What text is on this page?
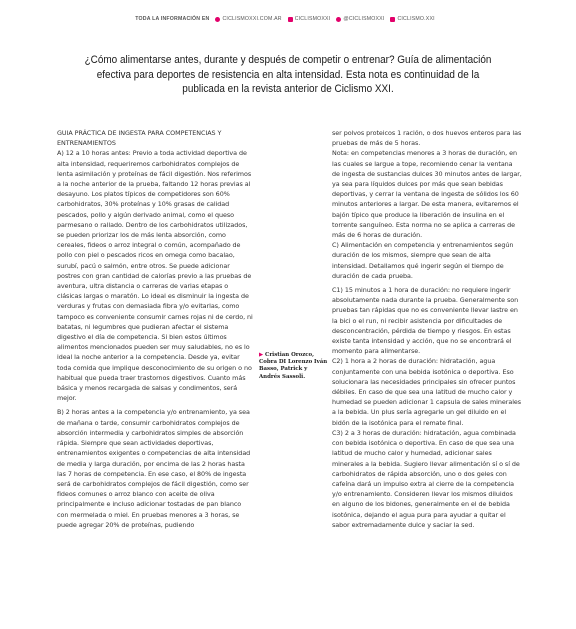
TODA LA INFORMACIÓN EN	CICLISMOXXI.COM.AR	CICLISMOXXI	@CICLISMOXXI	CICLISMO.XXI
¿Cómo alimentarse antes, durante y después de competir o entrenar? Guía de alimentación efectiva para deportes de resistencia en alta intensidad. Esta nota es continuidad de la publicada en la revista anterior de Ciclismo XXI.

GUIA PRÁCTICA DE INGESTA PARA COMPETENCIAS Y ENTRENAMIENTOS

A) 12 a 10 horas antes: Previo a toda actividad deportiva de alta intensidad, requeriremos carbohidratos complejos de lenta asimilación y proteínas de fácil digestión. Nos referimos a la noche anterior de la prueba, faltando 12 horas previas al desayuno. Los platos típicos de competidores son 60% carbohidratos, 30% proteínas y 10% grasas de calidad pescados, pollo y algún derivado animal, como el queso parmesano o rallado. Dentro de los carbohidratos utilizados, se pueden priorizar los de más lenta absorción, como cereales, fideos o arroz integral o común, acompañado de pollo con piel o pescados ricos en omega como bacalao, surubí, pacú o salmón, entre otros. Se puede adicionar postres con gran cantidad de calorías previo a las pruebas de aventura, ultra distancia o carreras de varias etapas o clásicas largas o maratón. Lo ideal es disminuir la ingesta de verduras y frutas con demasiada fibra y/o evitarlas, como tampoco es conveniente consumir carnes rojas ni de cerdo, ni batatas, ni legumbres que pudieran afectar el sistema digestivo el día de competencia. Si bien estos últimos alimentos mencionados pueden ser muy saludables, no es lo ideal la noche anterior a la competencia. Desde ya, evitar toda comida que implique desconocimiento de su origen o no habitual que pueda traer trastornos digestivos. Cuanto más básica y menos recargada de salsas y condimentos, será mejor.

B) 2 horas antes a la competencia y/o entrenamiento, ya sea de mañana o tarde, consumir carbohidratos complejos de absorción intermedia y carbohidratos simples de absorción rápida. Siempre que sean actividades deportivas, entrenamientos exigentes o competencias de alta intensidad de media y larga duración, por encima de las 2 horas hasta las 7 horas de competencia. En ese caso, el 80% de ingesta será de carbohidratos complejos de fácil digestión, como ser fideos comunes o arroz blanco con aceite de oliva principalmente e incluso adicionar tostadas de pan blanco con mermelada o miel. En pruebas menores a 3 horas, se puede agregar 20% de proteínas, pudiendo

▶ Cristian Orozco, Cobra DI Lorenzo Iván Basso, Patrick y Andrés Sassoli.

ser polvos proteicos 1 ración, o dos huevos enteros para las pruebas de más de 5 horas.

Nota: en competencias menores a 3 horas de duración, en las cuales se largue a tope, recomiendo cenar la ventana de ingesta de sustancias dulces 30 minutos antes de largar, ya sea para líquidos dulces por más que sean bebidas deportivas, y cerrar la ventana de ingesta de sólidos los 60 minutos anteriores a largar. De esta manera, evitaremos el bajón típico que produce la liberación de insulina en el torrente sanguíneo. Esta norma no se aplica a carreras de más de 6 horas de duración.

C) Alimentación en competencia y entrenamientos según duración de los mismos, siempre que sean de alta intensidad. Detallamos qué ingerir según el tiempo de duración de cada prueba.

C1) 15 minutos a 1 hora de duración: no requiere ingerir absolutamente nada durante la prueba. Generalmente son pruebas tan rápidas que no es conveniente llevar lastre en la bici o el run, ni recibir asistencia por dificultades de desconcentración, pérdida de tiempo y riesgos. En estas existe tanta intensidad y acción, que no se encontrará el momento para alimentarse.

C2) 1 hora a 2 horas de duración: hidratación, agua conjuntamente con una bebida isotónica o deportiva. Eso solucionara las necesidades principales sin ofrecer puntos débiles. En caso de que sea una latitud de mucho calor y humedad se pueden adicionar 1 capsula de sales minerales a la bebida. Un plus sería agregarle un gel diluido en el bidón de la isotónica para el remate final.

C3) 2 a 3 horas de duración: hidratación, agua combinada con bebida isotónica o deportiva. En caso de que sea una latitud de mucho calor y humedad, adicionar sales minerales a la bebida. Sugiero llevar alimentación sí o sí de carbohidratos de rápida absorción, uno o dos geles con cafeína dará un impulso extra al cierre de la competencia y/o entrenamiento. Consideren llevar los mismos diluidos en alguno de los bidones, generalmente en el de bebida isotónica, dejando el agua pura para ayudar a quitar el sabor extremadamente dulce y saciar la sed.
